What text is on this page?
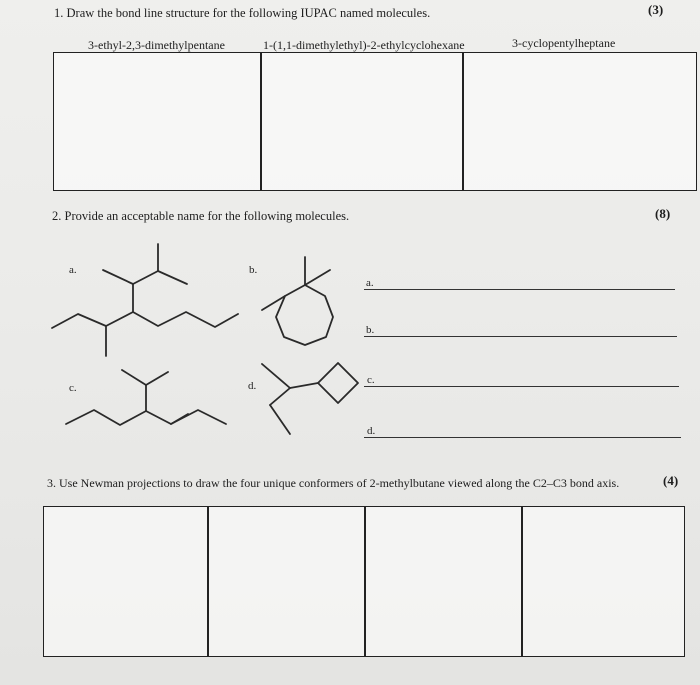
1. Draw the bond line structure for the following IUPAC named molecules.	(3)
3-ethyl-2,3-dimethylpentane	1-(1,1-dimethylethyl)-2-ethylcyclohexane	3-cyclopentylheptane
2. Provide an acceptable name for the following molecules.	(8)
a.	b.
c.	d.
a.
b.
c.
d.
3. Use Newman projections to draw the four unique conformers of 2-methylbutane viewed along the C2–C3 bond axis.	(4)
